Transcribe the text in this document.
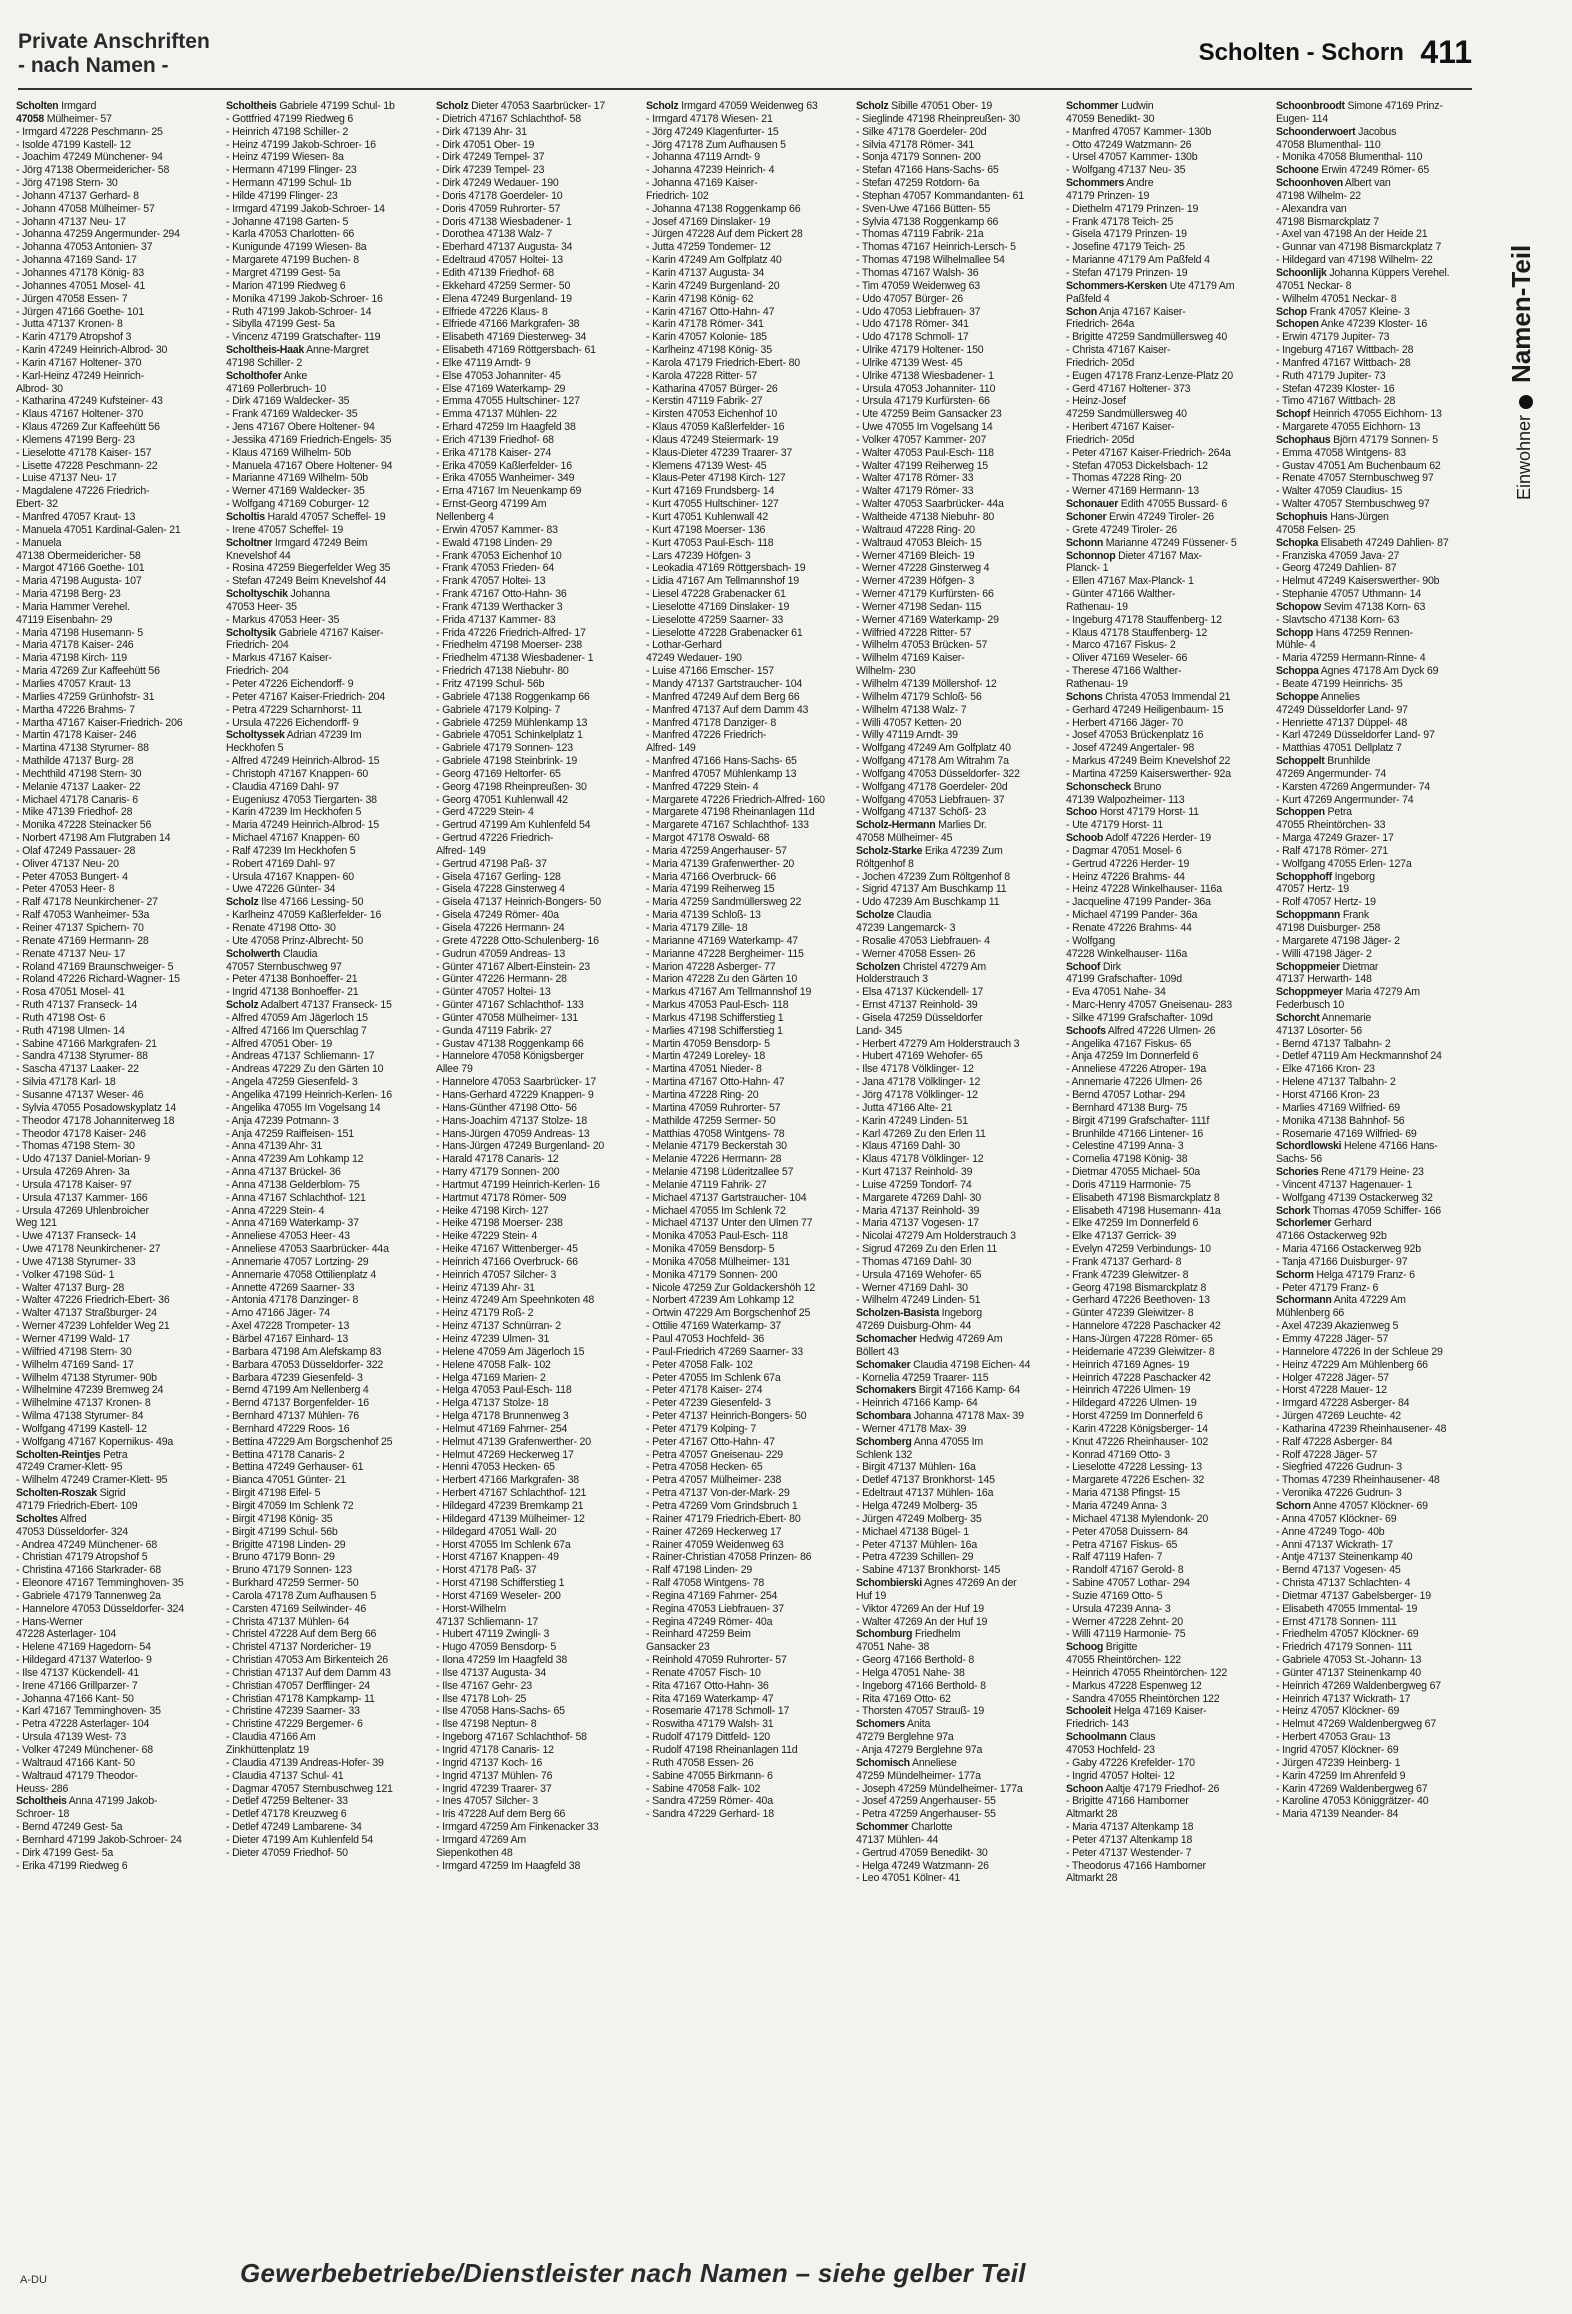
Private Anschriften
- nach Namen -	Scholten - Schorn 411
Scholten Irmgard
47058 Mülheimer- 57
- Irmgard 47228 Peschmann- 25
- Isolde 47199 Kastell- 12
- Joachim 47249 Münchener- 94
- Jörg 47138 Obermeidericher- 58
- Jörg 47198 Stern- 30
- Johann 47137 Gerhard- 8
- Johann 47058 Mülheimer- 57
- Johann 47137 Neu- 17
- Johanna 47259 Angermunder- 294
- Johanna 47053 Antonien- 37
- Johanna 47169 Sand- 17
- Johannes 47178 König- 83
- Johannes 47051 Mosel- 41
- Jürgen 47058 Essen- 7
- Jürgen 47166 Goethe- 101
- Jutta 47137 Kronen- 8
- Karin 47179 Atropshof 3
- Karin 47249 Heinrich-Albrod- 30
- Karin 47167 Holtener- 370
- Karl-Heinz 47249 Heinrich-
Albrod- 30
- Katharina 47249 Kufsteiner- 43
- Klaus 47167 Holtener- 370
- Klaus 47269 Zur Kaffeehütt 56
- Klemens 47199 Berg- 23
- Lieselotte 47178 Kaiser- 157
- Lisette 47228 Peschmann- 22
- Luise 47137 Neu- 17
- Magdalene 47226 Friedrich-
Ebert- 32
- Manfred 47057 Kraut- 13
- Manuela 47051 Kardinal-Galen- 21
- Manuela
47138 Obermeidericher- 58
- Margot 47166 Goethe- 101
- Maria 47198 Augusta- 107
- Maria 47198 Berg- 23
- Maria Hammer Verehel.
47119 Eisenbahn- 29
- Maria 47198 Husemann- 5
- Maria 47178 Kaiser- 246
- Maria 47198 Kirch- 119
- Maria 47269 Zur Kaffeehütt 56
- Marlies 47057 Kraut- 13
- Marlies 47259 Grünhofstr- 31
- Martha 47226 Brahms- 7
- Martha 47167 Kaiser-Friedrich- 206
- Martin 47178 Kaiser- 246
- Martina 47138 Styrumer- 88
- Mathilde 47137 Burg- 28
- Mechthild 47198 Stern- 30
- Melanie 47137 Laaker- 22
- Michael 47178 Canaris- 6
- Mike 47139 Friedhof- 28
- Monika 47228 Steinacker 56
- Norbert 47198 Am Flutgraben 14
- Olaf 47249 Passauer- 28
- Oliver 47137 Neu- 20
- Peter 47053 Bungert- 4
- Peter 47053 Heer- 8
- Ralf 47178 Neunkirchener- 27
- Ralf 47053 Wanheimer- 53a
- Reiner 47137 Spichern- 70
- Renate 47169 Hermann- 28
- Renate 47137 Neu- 17
- Roland 47169 Braunschweiger- 5
- Roland 47226 Richard-Wagner- 15
- Rosa 47051 Mosel- 41
- Ruth 47137 Franseck- 14
- Ruth 47198 Ost- 6
- Ruth 47198 Ulmen- 14
- Sabine 47166 Markgrafen- 21
- Sandra 47138 Styrumer- 88
- Sascha 47137 Laaker- 22
- Silvia 47178 Karl- 18
- Susanne 47137 Weser- 46
- Sylvia 47055 Posadowskyplatz 14
- Theodor 47178 Johanniterweg 18
- Theodor 47178 Kaiser- 246
- Thomas 47198 Stern- 30
- Udo 47137 Daniel-Morian- 9
- Ursula 47269 Ahren- 3a
- Ursula 47178 Kaiser- 97
- Ursula 47137 Kammer- 166
- Ursula 47269 Uhlenbroicher
Weg 121
- Uwe 47137 Franseck- 14
- Uwe 47178 Neunkirchener- 27
- Uwe 47138 Styrumer- 33
- Volker 47198 Süd- 1
- Walter 47137 Burg- 28
- Walter 47226 Friedrich-Ebert- 36
- Walter 47137 Straßburger- 24
- Werner 47239 Lohfelder Weg 21
- Werner 47199 Wald- 17
- Wilfried 47198 Stern- 30
- Wilhelm 47169 Sand- 17
- Wilhelm 47138 Styrumer- 90b
- Wilhelmine 47239 Bremweg 24
- Wilhelmine 47137 Kronen- 8
- Wilma 47138 Styrumer- 84
- Wolfgang 47199 Kastell- 12
- Wolfgang 47167 Kopernikus- 49a
Scholten-Reintjes Petra
47249 Cramer-Klett- 95
- Wilhelm 47249 Cramer-Klett- 95
Scholten-Roszak Sigrid
47179 Friedrich-Ebert- 109
Scholtes Alfred
47053 Düsseldorfer- 324
- Andrea 47249 Münchener- 68
- Christian 47179 Atropshof 5
- Christina 47166 Starkrader- 68
- Eleonore 47167 Temminghoven- 35
- Gabriele 47179 Tannenweg 2a
- Hannelore 47053 Düsseldorfer- 324
- Hans-Werner
47228 Asterlager- 104
- Helene 47169 Hagedorn- 54
- Hildegard 47137 Waterloo- 9
- Ilse 47137 Kückendell- 41
- Irene 47166 Grillparzer- 7
- Johanna 47166 Kant- 50
- Karl 47167 Temminghoven- 35
- Petra 47228 Asterlager- 104
- Ursula 47139 West- 73
- Volker 47249 Münchener- 68
- Waltraud 47166 Kant- 50
- Waltraud 47179 Theodor-
Heuss- 286
Scholtheis Anna 47199 Jakob-
Schroer- 18
- Bernd 47249 Gest- 5a
- Bernhard 47199 Jakob-Schroer- 24
- Dirk 47199 Gest- 5a
- Erika 47199 Riedweg 6
Scholtheis Gabriele 47199 Schul- 1b
- Gottfried 47199 Riedweg 6
- Heinrich 47198 Schiller- 2
- Heinz 47199 Jakob-Schroer- 16
- Heinz 47199 Wiesen- 8a
- Hermann 47199 Flinger- 23
- Hermann 47199 Schul- 1b
- Hilde 47199 Flinger- 23
- Irmgard 47199 Jakob-Schroer- 14
- Johanne 47198 Garten- 5
- Karla 47053 Charlotten- 66
- Kunigunde 47199 Wiesen- 8a
- Margarete 47199 Buchen- 8
- Margret 47199 Gest- 5a
- Marion 47199 Riedweg 6
- Monika 47199 Jakob-Schroer- 16
- Ruth 47199 Jakob-Schroer- 14
- Sibylla 47199 Gest- 5a
- Vincenz 47199 Gratschafter- 119
Scholtheis-Haak Anne-Margret
47198 Schiller- 2
Scholthofer Anke
47169 Pollerbruch- 10
- Dirk 47169 Waldecker- 35
- Frank 47169 Waldecker- 35
- Jens 47167 Obere Holtener- 94
- Jessika 47169 Friedrich-Engels- 35
- Klaus 47169 Wilhelm- 50b
- Manuela 47167 Obere Holtener- 94
- Marianne 47169 Wilhelm- 50b
- Werner 47169 Waldecker- 35
- Wolfgang 47169 Coburger- 12
Scholtis Harald 47057 Scheffel- 19
- Irene 47057 Scheffel- 19
Scholtner Irmgard 47249 Beim
Knevelshof 44
- Rosina 47259 Biegerfelder Weg 35
- Stefan 47249 Beim Knevelshof 44
Scholtyschik Johanna
47053 Heer- 35
- Markus 47053 Heer- 35
Scholtysik Gabriele 47167 Kaiser-
Friedrich- 204
- Markus 47167 Kaiser-
Friedrich- 204
- Peter 47226 Eichendorff- 9
- Peter 47167 Kaiser-Friedrich- 204
- Petra 47229 Scharnhorst- 11
- Ursula 47226 Eichendorff- 9
Scholtyssek Adrian 47239 Im
Heckhofen 5
- Alfred 47249 Heinrich-Albrod- 15
- Christoph 47167 Knappen- 60
- Claudia 47169 Dahl- 97
- Eugeniusz 47053 Tiergarten- 38
- Karin 47239 Im Heckhofen 5
- Maria 47249 Heinrich-Albrod- 15
- Michael 47167 Knappen- 60
- Ralf 47239 Im Heckhofen 5
- Robert 47169 Dahl- 97
- Ursula 47167 Knappen- 60
- Uwe 47226 Günter- 34
Scholz Ilse 47166 Lessing- 50
- Karlheinz 47059 Kaßlerfelder- 16
- Renate 47198 Otto- 30
- Ute 47058 Prinz-Albrecht- 50
Scholwerth Claudia
47057 Sternbuschweg 97
- Peter 47138 Bonhoeffer- 21
- Ingrid 47138 Bonhoeffer- 21
Scholz Adalbert 47137 Franseck- 15
- Alfred 47059 Am Jägerloch 15
- Alfred 47166 Im Querschlag 7
- Alfred 47051 Ober- 19
- Andreas 47137 Schliemann- 17
- Andreas 47229 Zu den Gärten 10
- Angela 47259 Giesenfeld- 3
- Angelika 47199 Heinrich-Kerlen- 16
- Angelika 47055 Im Vogelsang 14
- Anja 47239 Potmann- 3
- Anja 47259 Raiffeisen- 151
- Anna 47139 Ahr- 31
- Anna 47239 Am Lohkamp 12
- Anna 47137 Brückel- 36
- Anna 47138 Gelderblom- 75
- Anna 47167 Schlachthof- 121
- Anna 47229 Stein- 4
- Anna 47169 Waterkamp- 37
- Anneliese 47053 Heer- 43
- Anneliese 47053 Saarbrücker- 44a
- Annemarie 47057 Lortzing- 29
- Annemarie 47058 Ottilienplatz 4
- Annette 47269 Saarner- 33
- Antonia 47178 Danzinger- 8
- Arno 47166 Jäger- 74
- Axel 47228 Trompeter- 13
- Bärbel 47167 Einhard- 13
- Barbara 47198 Am Alefskamp 83
- Barbara 47053 Düsseldorfer- 322
- Barbara 47239 Giesenfeld- 3
- Bernd 47199 Am Nellenberg 4
- Bernd 47137 Borgenfelder- 16
- Bernhard 47137 Mühlen- 76
- Bernhard 47229 Roos- 16
- Bettina 47229 Am Borgschenhof 25
- Bettina 47178 Canaris- 2
- Bettina 47249 Gerhauser- 61
- Bianca 47051 Günter- 21
- Birgit 47198 Eifel- 5
- Birgit 47059 Im Schlenk 72
- Birgit 47198 König- 35
- Birgit 47199 Schul- 56b
- Brigitte 47198 Linden- 29
- Bruno 47179 Bonn- 29
- Bruno 47179 Sonnen- 123
- Burkhard 47259 Sermer- 50
- Carola 47178 Zum Aufhausen 5
- Carsten 47169 Seilwinder- 46
- Christa 47137 Mühlen- 64
- Christel 47228 Auf dem Berg 66
- Christel 47137 Nordericher- 19
- Christian 47053 Am Birkenteich 26
- Christian 47137 Auf dem Damm 43
- Christian 47057 Derfflinger- 24
- Christian 47178 Kampkamp- 11
- Christine 47239 Saarner- 33
- Christine 47229 Bergemer- 6
- Claudia 47166 Am
Zinkhüttenplatz 19
- Claudia 47139 Andreas-Hofer- 39
- Claudia 47137 Schul- 41
- Dagmar 47057 Sternbuschweg 121
- Detlef 47259 Beltener- 33
- Detlef 47178 Kreuzweg 6
- Detlef 47249 Lambarene- 34
- Dieter 47199 Am Kuhlenfeld 54
- Dieter 47059 Friedhof- 50
Scholz Dieter 47053 Saarbrücker- 17
- Dietrich 47167 Schlachthof- 58
- Dirk 47139 Ahr- 31
- Dirk 47051 Ober- 19
- Dirk 47249 Tempel- 37
- Dirk 47239 Tempel- 23
- Dirk 47249 Wedauer- 190
- Doris 47178 Goerdeler- 10
- Doris 47059 Ruhrorter- 57
- Doris 47138 Wiesbadener- 1
- Dorothea 47138 Walz- 7
- Eberhard 47137 Augusta- 34
- Edeltraud 47057 Holtei- 13
- Edith 47139 Friedhof- 68
- Ekkehard 47259 Sermer- 50
- Elena 47249 Burgenland- 19
- Elfriede 47226 Klaus- 8
- Elfriede 47166 Markgrafen- 38
- Elisabeth 47169 Diesterweg- 34
- Elisabeth 47169 Röttgersbach- 61
- Elke 47119 Arndt- 9
- Else 47053 Johanniter- 45
- Else 47169 Waterkamp- 29
- Emma 47055 Hultschiner- 127
- Emma 47137 Mühlen- 22
- Erhard 47259 Im Haagfeld 38
- Erich 47139 Friedhof- 68
- Erika 47178 Kaiser- 274
- Erika 47059 Kaßlerfelder- 16
- Erika 47055 Wanheimer- 349
- Erna 47167 Im Neuenkamp 69
- Ernst-Georg 47199 Am
Nellenberg 4
- Erwin 47057 Kammer- 83
- Ewald 47198 Linden- 29
- Frank 47053 Eichenhof 10
- Frank 47053 Frieden- 64
- Frank 47057 Holtei- 13
- Frank 47167 Otto-Hahn- 36
- Frank 47139 Werthacker 3
- Frida 47137 Kammer- 83
- Frida 47226 Friedrich-Alfred- 17
- Friedhelm 47198 Moerser- 238
- Friedhelm 47138 Wiesbadener- 1
- Friedrich 47138 Niebuhr- 80
- Fritz 47199 Schul- 56b
- Gabriele 47138 Roggenkamp 66
- Gabriele 47179 Kolping- 7
- Gabriele 47259 Mühlenkamp 13
- Gabriele 47051 Schinkelplatz 1
- Gabriele 47179 Sonnen- 123
- Gabriele 47198 Steinbrink- 19
- Georg 47169 Heltorfer- 65
- Georg 47198 Rheinpreußen- 30
- Georg 47051 Kuhlenwall 42
- Gerd 47229 Stein- 4
- Gertrud 47199 Am Kuhlenfeld 54
- Gertrud 47226 Friedrich-
Alfred- 149
- Gertrud 47198 Paß- 37
- Gisela 47167 Gerling- 128
- Gisela 47228 Ginsterweg 4
- Gisela 47137 Heinrich-Bongers- 50
- Gisela 47249 Römer- 40a
- Gisela 47226 Hermann- 24
- Grete 47228 Otto-Schulenberg- 16
- Gudrun 47059 Andreas- 13
- Günter 47167 Albert-Einstein- 23
- Günter 47226 Hermann- 28
- Günter 47057 Holtei- 13
- Günter 47167 Schlachthof- 133
- Günter 47058 Mülheimer- 131
- Gunda 47119 Fabrik- 27
- Gustav 47138 Roggenkamp 66
- Hannelore 47058 Königsberger
Allee 79
- Hannelore 47053 Saarbrücker- 17
- Hans-Gerhard 47229 Knappen- 9
- Hans-Günther 47198 Otto- 56
- Hans-Joachim 47137 Stolze- 18
- Hans-Jürgen 47059 Andreas- 13
- Hans-Jürgen 47249 Burgenland- 20
- Harald 47178 Canaris- 12
- Harry 47179 Sonnen- 200
- Hartmut 47199 Heinrich-Kerlen- 16
- Hartmut 47178 Römer- 509
- Heike 47198 Kirch- 127
- Heike 47198 Moerser- 238
- Heike 47229 Stein- 4
- Heike 47167 Wittenberger- 45
- Heinrich 47166 Overbruck- 66
- Heinrich 47057 Silcher- 3
- Heinz 47139 Ahr- 31
- Heinz 47249 Am Speehnkoten 48
- Heinz 47179 Roß- 2
- Heinz 47137 Schnürran- 2
- Heinz 47239 Ulmen- 31
- Helene 47059 Am Jägerloch 15
- Helene 47058 Falk- 102
- Helga 47169 Marien- 2
- Helga 47053 Paul-Esch- 118
- Helga 47137 Stolze- 18
- Helga 47178 Brunnenweg 3
- Helmut 47169 Fahrner- 254
- Helmut 47139 Grafenwerther- 20
- Helmut 47269 Heckerweg 17
- Henni 47053 Hecken- 65
- Herbert 47166 Markgrafen- 38
- Herbert 47167 Schlachthof- 121
- Hildegard 47239 Bremkamp 21
- Hildegard 47139 Mülheimer- 12
- Hildegard 47051 Wall- 20
- Horst 47055 Im Schlenk 67a
- Horst 47167 Knappen- 49
- Horst 47178 Paß- 37
- Horst 47198 Schifferstieg 1
- Horst 47169 Weseler- 200
- Horst-Wilhelm
47137 Schliemann- 17
- Hubert 47119 Zwingli- 3
- Hugo 47059 Bensdorp- 5
- Ilona 47259 Im Haagfeld 38
- Ilse 47137 Augusta- 34
- Ilse 47167 Gehr- 23
- Ilse 47178 Loh- 25
- Ilse 47058 Hans-Sachs- 65
- Ilse 47198 Neptun- 8
- Ingeborg 47167 Schlachthof- 58
- Ingrid 47178 Canaris- 12
- Ingrid 47137 Koch- 16
- Ingrid 47137 Mühlen- 76
- Ingrid 47239 Traarer- 37
- Ines 47057 Silcher- 3
- Iris 47228 Auf dem Berg 66
- Irmgard 47259 Am Finkenacker 33
- Irmgard 47269 Am
Siepenkothen 48
- Irmgard 47259 Im Haagfeld 38
Scholz Irmgard 47059 Weidenweg 63
- Irmgard 47178 Wiesen- 21
- Jörg 47249 Klagenfurter- 15
- Jörg 47178 Zum Aufhausen 5
- Johanna 47119 Arndt- 9
- Johanna 47239 Heinrich- 4
- Johanna 47169 Kaiser-
Friedrich- 102
- Johanna 47138 Roggenkamp 66
- Josef 47169 Dinslaker- 19
- Jürgen 47228 Auf dem Pickert 28
- Jutta 47259 Tondemer- 12
- Karin 47249 Am Golfplatz 40
- Karin 47137 Augusta- 34
- Karin 47249 Burgenland- 20
- Karin 47198 König- 62
- Karin 47167 Otto-Hahn- 47
- Karin 47178 Römer- 341
- Karin 47057 Kolonie- 185
- Karlheinz 47198 König- 35
- Karola 47179 Friedrich-Ebert- 80
- Karola 47228 Ritter- 57
- Katharina 47057 Bürger- 26
- Kerstin 47119 Fabrik- 27
- Kirsten 47053 Eichenhof 10
- Klaus 47059 Kaßlerfelder- 16
- Klaus 47249 Steiermark- 19
- Klaus-Dieter 47239 Traarer- 37
- Klemens 47139 West- 45
- Klaus-Peter 47198 Kirch- 127
- Kurt 47169 Frundsberg- 14
- Kurt 47055 Hultschiner- 127
- Kurt 47051 Kuhlenwall 42
- Kurt 47198 Moerser- 136
- Kurt 47053 Paul-Esch- 118
- Lars 47239 Höfgen- 3
- Leokadia 47169 Röttgersbach- 19
- Lidia 47167 Am Tellmannshof 19
- Liesel 47228 Grabenacker 61
- Lieselotte 47169 Dinslaker- 19
- Lieselotte 47259 Saarner- 33
- Lieselotte 47228 Grabenacker 61
- Lothar-Gerhard
47249 Wedauer- 190
- Luise 47166 Emscher- 157
- Mandy 47137 Gartstraucher- 104
- Manfred 47249 Auf dem Berg 66
- Manfred 47137 Auf dem Damm 43
- Manfred 47178 Danziger- 8
- Manfred 47226 Friedrich-
Alfred- 149
- Manfred 47166 Hans-Sachs- 65
- Manfred 47057 Mühlenkamp 13
- Manfred 47229 Stein- 4
- Margarete 47226 Friedrich-Alfred- 160
- Margarete 47198 Rheinanlagen 11d
- Margarete 47167 Schlachthof- 133
- Margot 47178 Oswald- 68
- Maria 47259 Angerhauser- 57
- Maria 47139 Grafenwerther- 20
- Maria 47166 Overbruck- 66
- Maria 47199 Reiherweg 15
- Maria 47259 Sandmüllersweg 22
- Maria 47139 Schloß- 13
- Maria 47179 Zille- 18
- Marianne 47169 Waterkamp- 47
- Marianne 47228 Bergheimer- 115
- Marion 47228 Asberger- 77
- Marion 47228 Zu den Gärten 10
- Markus 47167 Am Tellmannshof 19
- Markus 47053 Paul-Esch- 118
- Markus 47198 Schifferstieg 1
- Marlies 47198 Schifferstieg 1
- Martin 47059 Bensdorp- 5
- Martin 47249 Loreley- 18
- Martina 47051 Nieder- 8
- Martina 47167 Otto-Hahn- 47
- Martina 47228 Ring- 20
- Martina 47059 Ruhrorter- 57
- Mathilde 47259 Sermer- 50
- Matthias 47058 Wintgens- 78
- Melanie 47179 Beckerstah 30
- Melanie 47226 Hermann- 28
- Melanie 47198 Lüderitzallee 57
- Melanie 47119 Fahrik- 27
- Michael 47137 Gartstraucher- 104
- Michael 47055 Im Schlenk 72
- Michael 47137 Unter den Ulmen 77
- Monika 47053 Paul-Esch- 118
- Monika 47059 Bensdorp- 5
- Monika 47058 Mülheimer- 131
- Monika 47179 Sonnen- 200
- Nicole 47259 Zur Goldackershöh 12
- Norbert 47239 Am Lohkamp 12
- Ortwin 47229 Am Borgschenhof 25
- Ottilie 47169 Waterkamp- 37
- Paul 47053 Hochfeld- 36
- Paul-Friedrich 47269 Saarner- 33
- Peter 47058 Falk- 102
- Peter 47055 Im Schlenk 67a
- Peter 47178 Kaiser- 274
- Peter 47239 Giesenfeld- 3
- Peter 47137 Heinrich-Bongers- 50
- Peter 47179 Kolping- 7
- Peter 47167 Otto-Hahn- 47
- Petra 47057 Gneisenau- 229
- Petra 47058 Hecken- 65
- Petra 47057 Mülheimer- 238
- Petra 47137 Von-der-Mark- 29
- Petra 47269 Vom Grindsbruch 1
- Rainer 47179 Friedrich-Ebert- 80
- Rainer 47269 Heckerweg 17
- Rainer 47059 Weidenweg 63
- Rainer-Christian 47058 Prinzen- 86
- Ralf 47198 Linden- 29
- Ralf 47058 Wintgens- 78
- Regina 47169 Fahrner- 254
- Regina 47053 Liebfrauen- 37
- Regina 47249 Römer- 40a
- Reinhard 47259 Beim
Gansacker 23
- Reinhold 47059 Ruhrorter- 57
- Renate 47057 Fisch- 10
- Rita 47167 Otto-Hahn- 36
- Rita 47169 Waterkamp- 47
- Rosemarie 47178 Schmoll- 17
- Roswitha 47179 Walsh- 31
- Rudolf 47179 Dittfeld- 120
- Rudolf 47198 Rheinanlagen 11d
- Ruth 47058 Essen- 26
- Sabine 47055 Birkmann- 6
- Sabine 47058 Falk- 102
- Sandra 47259 Römer- 40a
- Sandra 47229 Gerhard- 18
Scholz Sibille 47051 Ober- 19
- Sieglinde 47198 Rheinpreußen- 30
- Silke 47178 Goerdeler- 20d
- Silvia 47178 Römer- 341
- Sonja 47179 Sonnen- 200
- Stefan 47166 Hans-Sachs- 65
- Stefan 47259 Rotdorn- 6a
- Stephan 47057 Kommandanten- 61
- Sven-Uwe 47166 Bütten- 55
- Sylvia 47138 Roggenkamp 66
- Thomas 47119 Fabrik- 21a
- Thomas 47167 Heinrich-Lersch- 5
- Thomas 47198 Wilhelmallee 54
- Thomas 47167 Walsh- 36
- Tim 47059 Weidenweg 63
- Udo 47057 Bürger- 26
- Udo 47053 Liebfrauen- 37
- Udo 47178 Römer- 341
- Udo 47178 Schmoll- 17
- Ulrike 47179 Holtener- 150
- Ulrike 47139 West- 45
- Ulrike 47138 Wiesbadener- 1
- Ursula 47053 Johanniter- 110
- Ursula 47179 Kurfürsten- 66
- Ute 47259 Beim Gansacker 23
- Uwe 47055 Im Vogelsang 14
- Volker 47057 Kammer- 207
- Walter 47053 Paul-Esch- 118
- Walter 47199 Reiherweg 15
- Walter 47178 Römer- 33
- Walter 47179 Römer- 33
- Walter 47053 Saarbrücker- 44a
- Waltheide 47138 Niebuhr- 80
- Waltraud 47228 Ring- 20
- Waltraud 47053 Bleich- 15
- Werner 47169 Bleich- 19
- Werner 47228 Ginsterweg 4
- Werner 47239 Höfgen- 3
- Werner 47179 Kurfürsten- 66
- Werner 47198 Sedan- 115
- Werner 47169 Waterkamp- 29
- Wilfried 47228 Ritter- 57
- Wilhelm 47053 Brücken- 57
- Wilhelm 47169 Kaiser-
Wilhelm- 230
- Wilhelm 47139 Möllershof- 12
- Wilhelm 47179 Schloß- 56
- Wilhelm 47138 Walz- 7
- Willi 47057 Ketten- 20
- Willy 47119 Arndt- 39
- Wolfgang 47249 Am Golfplatz 40
- Wolfgang 47178 Am Witrahm 7a
- Wolfgang 47053 Düsseldorfer- 322
- Wolfgang 47178 Goerdeler- 20d
- Wolfgang 47053 Liebfrauen- 37
- Wolfgang 47137 Schöß- 23
Scholz-Hermann Marlies Dr.
47058 Mülheimer- 45
Scholz-Starke Erika 47239 Zum
Röltgenhof 8
- Jochen 47239 Zum Röltgenhof 8
- Sigrid 47137 Am Buschkamp 11
- Udo 47239 Am Buschkamp 11
Scholze Claudia
47239 Langemarck- 3
- Rosalie 47053 Liebfrauen- 4
- Werner 47058 Essen- 26
Scholzen Christel 47279 Am
Holderstrauch 3
- Elsa 47137 Kückendell- 17
- Ernst 47137 Reinhold- 39
- Gisela 47259 Düsseldorfer
Land- 345
- Herbert 47279 Am Holderstrauch 3
- Hubert 47169 Wehofer- 65
- Ilse 47178 Völklinger- 12
- Jana 47178 Völklinger- 12
- Jörg 47178 Völklinger- 12
- Jutta 47166 Alte- 21
- Karin 47249 Linden- 51
- Karl 47269 Zu den Erlen 11
- Klaus 47169 Dahl- 30
- Klaus 47178 Völklinger- 12
- Kurt 47137 Reinhold- 39
- Luise 47259 Tondorf- 74
- Margarete 47269 Dahl- 30
- Maria 47137 Reinhold- 39
- Maria 47137 Vogesen- 17
- Nicolai 47279 Am Holderstrauch 3
- Sigrud 47269 Zu den Erlen 11
- Thomas 47169 Dahl- 30
- Ursula 47169 Wehofer- 65
- Werner 47169 Dahl- 30
- Wilhelm 47249 Linden- 51
Scholzen-Basista Ingeborg
47269 Duisburg-Ohm- 44
Schomacher Hedwig 47269 Am
Böllert 43
Schomaker Claudia 47198 Eichen- 44
- Kornelia 47259 Traarer- 115
Schomakers Birgit 47166 Kamp- 64
- Heinrich 47166 Kamp- 64
Schombara Johanna 47178 Max- 39
- Werner 47178 Max- 39
Schomberg Anna 47055 Im
Schlenk 132
- Birgit 47137 Mühlen- 16a
- Detlef 47137 Bronkhorst- 145
- Edeltraut 47137 Mühlen- 16a
- Helga 47249 Molberg- 35
- Jürgen 47249 Molberg- 35
- Michael 47138 Bügel- 1
- Peter 47137 Mühlen- 16a
- Petra 47239 Schillen- 29
- Sabine 47137 Bronkhorst- 145
Schombierski Agnes 47269 An der
Huf 19
- Viktor 47269 An der Huf 19
- Walter 47269 An der Huf 19
Schomburg Friedhelm
47051 Nahe- 38
- Georg 47166 Berthold- 8
- Helga 47051 Nahe- 38
- Ingeborg 47166 Berthold- 8
- Rita 47169 Otto- 62
- Thorsten 47057 Strauß- 19
Schomers Anita
47279 Berglehne 97a
- Anja 47279 Berglehne 97a
Schomisch Anneliese
47259 Mündelheimer- 177a
- Joseph 47259 Mündelheimer- 177a
- Josef 47259 Angerhauser- 55
- Petra 47259 Angerhauser- 55
Schommer Charlotte
47137 Mühlen- 44
- Gertrud 47059 Benedikt- 30
- Helga 47249 Watzmann- 26
- Leo 47051 Kölner- 41
Schommer Ludwin
47059 Benedikt- 30
- Manfred 47057 Kammer- 130b
- Otto 47249 Watzmann- 26
- Ursel 47057 Kammer- 130b
- Wolfgang 47137 Neu- 35
Schommers Andre
47179 Prinzen- 19
- Diethelm 47179 Prinzen- 19
- Frank 47178 Teich- 25
- Gisela 47179 Prinzen- 19
- Josefine 47179 Teich- 25
- Marianne 47179 Am Paßfeld 4
- Stefan 47179 Prinzen- 19
Schommers-Kersken Ute 47179 Am
Paßfeld 4
Schon Anja 47167 Kaiser-
Friedrich- 264a
- Brigitte 47259 Sandmüllersweg 40
- Christa 47167 Kaiser-
Friedrich- 205d
- Eugen 47178 Franz-Lenze-Platz 20
- Gerd 47167 Holtener- 373
- Heinz-Josef
47259 Sandmüllersweg 40
- Heribert 47167 Kaiser-
Friedrich- 205d
- Peter 47167 Kaiser-Friedrich- 264a
- Stefan 47053 Dickelsbach- 12
- Thomas 47228 Ring- 20
- Werner 47169 Hermann- 13
Schonauer Edith 47055 Bussard- 6
Schoner Erwin 47249 Tiroler- 26
- Grete 47249 Tiroler- 26
Schonn Marianne 47249 Füssener- 5
Schonnop Dieter 47167 Max-
Planck- 1
- Ellen 47167 Max-Planck- 1
- Günter 47166 Walther-
Rathenau- 19
- Ingeburg 47178 Stauffenberg- 12
- Klaus 47178 Stauffenberg- 12
- Marco 47167 Fiskus- 2
- Oliver 47169 Weseler- 66
- Therese 47166 Walther-
Rathenau- 19
Schons Christa 47053 Immendal 21
- Gerhard 47249 Heiligenbaum- 15
- Herbert 47166 Jäger- 70
- Josef 47053 Brückenplatz 16
- Josef 47249 Angertaler- 98
- Markus 47249 Beim Knevelshof 22
- Martina 47259 Kaiserswerther- 92a
Schonscheck Bruno
47139 Walpozheimer- 113
Schoo Horst 47179 Horst- 11
- Ute 47179 Horst- 11
Schoob Adolf 47226 Herder- 19
- Dagmar 47051 Mosel- 6
- Gertrud 47226 Herder- 19
- Heinz 47226 Brahms- 44
- Heinz 47228 Winkelhauser- 116a
- Jacqueline 47199 Pander- 36a
- Michael 47199 Pander- 36a
- Renate 47226 Brahms- 44
- Wolfgang
47228 Winkelhauser- 116a
Schoof Dirk
47199 Grafschafter- 109d
- Eva 47051 Nahe- 34
- Marc-Henry 47057 Gneisenau- 283
- Silke 47199 Grafschafter- 109d
Schoofs Alfred 47226 Ulmen- 26
- Angelika 47167 Fiskus- 65
- Anja 47259 Im Donnerfeld 6
- Anneliese 47226 Atroper- 19a
- Annemarie 47226 Ulmen- 26
- Bernd 47057 Lothar- 294
- Bernhard 47138 Burg- 75
- Birgit 47199 Grafschafter- 111f
- Brunhilde 47166 Lintener- 16
- Celestine 47199 Anna- 3
- Cornelia 47198 König- 38
- Dietmar 47055 Michael- 50a
- Doris 47119 Harmonie- 75
- Elisabeth 47198 Bismarckplatz 8
- Elisabeth 47198 Husemann- 41a
- Elke 47259 Im Donnerfeld 6
- Elke 47137 Gerrick- 39
- Evelyn 47259 Verbindungs- 10
- Frank 47137 Gerhard- 8
- Frank 47239 Gleiwitzer- 8
- Georg 47198 Bismarckplatz 8
- Gerhard 47226 Beethoven- 13
- Günter 47239 Gleiwitzer- 8
- Hannelore 47228 Paschacker 42
- Hans-Jürgen 47228 Römer- 65
- Heidemarie 47239 Gleiwitzer- 8
- Heinrich 47169 Agnes- 19
- Heinrich 47228 Paschacker 42
- Heinrich 47226 Ulmen- 19
- Hildegard 47226 Ulmen- 19
- Horst 47259 Im Donnerfeld 6
- Karin 47228 Königsberger- 14
- Knut 47226 Rheinhauser- 102
- Konrad 47169 Otto- 3
- Lieselotte 47228 Lessing- 13
- Margarete 47226 Eschen- 32
- Maria 47138 Pfingst- 15
- Maria 47249 Anna- 3
- Michael 47138 Mylendonk- 20
- Peter 47058 Duissern- 84
- Petra 47167 Fiskus- 65
- Ralf 47119 Hafen- 7
- Randolf 47167 Gerold- 8
- Sabine 47057 Lothar- 294
- Suzie 47169 Otto- 5
- Ursula 47239 Anna- 3
- Werner 47228 Zehnt- 20
- Willi 47119 Harmonie- 75
Schoog Brigitte
47055 Rheintörchen- 122
- Heinrich 47055 Rheintörchen- 122
- Markus 47228 Espenweg 12
- Sandra 47055 Rheintörchen 122
Schooleit Helga 47169 Kaiser-
Friedrich- 143
Schoolmann Claus
47053 Hochfeld- 23
- Gaby 47226 Krefelder- 170
- Ingrid 47057 Holtei- 12
Schoon Aaltje 47179 Friedhof- 26
- Brigitte 47166 Hamborner
Altmarkt 28
- Maria 47137 Altenkamp 18
- Peter 47137 Altenkamp 18
- Peter 47137 Westender- 7
- Theodorus 47166 Hamborner
Altmarkt 28
Schoonbroodt Simone 47169 Prinz-
Eugen- 114
Schoonderwoert Jacobus
47058 Blumenthal- 110
- Monika 47058 Blumenthal- 110
Schoone Erwin 47249 Römer- 65
Schoonhoven Albert van
47198 Wilhelm- 22
- Alexandra van
47198 Bismarckplatz 7
- Axel van 47198 An der Heide 21
- Gunnar van 47198 Bismarckplatz 7
- Hildegard van 47198 Wilhelm- 22
Schoonlijk Johanna Küppers Verehel.
47051 Neckar- 8
- Wilhelm 47051 Neckar- 8
Schop Frank 47057 Kleine- 3
Schopen Anke 47239 Kloster- 16
- Erwin 47179 Jupiter- 73
- Ingeburg 47167 Wittbach- 28
- Manfred 47167 Wittbach- 28
- Ruth 47179 Jupiter- 73
- Stefan 47239 Kloster- 16
- Timo 47167 Wittbach- 28
Schopf Heinrich 47055 Eichhorn- 13
- Margarete 47055 Eichhorn- 13
Schophaus Björn 47179 Sonnen- 5
- Emma 47058 Wintgens- 83
- Gustav 47051 Am Buchenbaum 62
- Renate 47057 Sternbuschweg 97
- Walter 47059 Claudius- 15
- Walter 47057 Sternbuschweg 97
Schophuis Hans-Jürgen
47058 Felsen- 25
Schopka Elisabeth 47249 Dahlien- 87
- Franziska 47059 Java- 27
- Georg 47249 Dahlien- 87
- Helmut 47249 Kaiserswerther- 90b
- Stephanie 47057 Uthmann- 14
Schopow Sevim 47138 Korn- 63
- Slavtscho 47138 Korn- 63
Schopp Hans 47259 Rennen-
Mühle- 4
- Maria 47259 Hermann-Rinne- 4
Schoppa Agnes 47178 Am Dyck 69
- Beate 47199 Heinrichs- 35
Schoppe Annelies
47249 Düsseldorfer Land- 97
- Henriette 47137 Düppel- 48
- Karl 47249 Düsseldorfer Land- 97
- Matthias 47051 Dellplatz 7
Schoppelt Brunhilde
47269 Angermunder- 74
- Karsten 47269 Angermunder- 74
- Kurt 47269 Angermunder- 74
Schoppen Petra
47055 Rheintörchen- 33
- Marga 47249 Grazer- 17
- Ralf 47178 Römer- 271
- Wolfgang 47055 Erlen- 127a
Schopphoff Ingeborg
47057 Hertz- 19
- Rolf 47057 Hertz- 19
Schoppmann Frank
47198 Duisburger- 258
- Margarete 47198 Jäger- 2
- Willi 47198 Jäger- 2
Schoppmeier Dietmar
47137 Herwarth- 148
Schoppmeyer Maria 47279 Am
Federbusch 10
Schorcht Annemarie
47137 Lösorter- 56
- Bernd 47137 Talbahn- 2
- Detlef 47119 Am Heckmannshof 24
- Elke 47166 Kron- 23
- Helene 47137 Talbahn- 2
- Horst 47166 Kron- 23
- Marlies 47169 Wilfried- 69
- Monika 47138 Bahnhof- 56
- Rosemarie 47169 Wilfried- 69
Schordlowski Helene 47166 Hans-
Sachs- 56
Schories Rene 47179 Heine- 23
- Vincent 47137 Hagenauer- 1
- Wolfgang 47139 Ostackerweg 32
Schork Thomas 47059 Schiffer- 166
Schorlemer Gerhard
47166 Ostackerweg 92b
- Maria 47166 Ostackerweg 92b
- Tanja 47166 Duisburger- 97
Schorm Helga 47179 Franz- 6
- Peter 47179 Franz- 6
Schormann Anita 47229 Am
Mühlenberg 66
- Axel 47239 Akazienweg 5
- Emmy 47228 Jäger- 57
- Hannelore 47226 In der Schleue 29
- Heinz 47229 Am Mühlenberg 66
- Holger 47228 Jäger- 57
- Horst 47228 Mauer- 12
- Irmgard 47228 Asberger- 84
- Jürgen 47269 Leuchte- 42
- Katharina 47239 Rheinhausener- 48
- Ralf 47228 Asberger- 84
- Rolf 47228 Jäger- 57
- Siegfried 47226 Gudrun- 3
- Thomas 47239 Rheinhausener- 48
- Veronika 47226 Gudrun- 3
Schorn Anne 47057 Klöckner- 69
- Anna 47057 Klöckner- 69
- Anne 47249 Togo- 40b
- Anni 47137 Wickrath- 17
- Antje 47137 Steinenkamp 40
- Bernd 47137 Vogesen- 45
- Christa 47137 Schlachten- 4
- Dietmar 47137 Gabelsberger- 19
- Elisabeth 47055 Immental- 19
- Ernst 47178 Sonnen- 111
- Friedhelm 47057 Klöckner- 69
- Friedrich 47179 Sonnen- 111
- Gabriele 47053 St.-Johann- 13
- Günter 47137 Steinenkamp 40
- Heinrich 47269 Waldenbergweg 67
- Heinrich 47137 Wickrath- 17
- Heinz 47057 Klöckner- 69
- Helmut 47269 Waldenbergweg 67
- Herbert 47053 Grau- 13
- Ingrid 47057 Klöckner- 69
- Jürgen 47239 Heinberg- 1
- Karin 47259 Im Ahrenfeld 9
- Karin 47269 Waldenbergweg 67
- Karoline 47053 Königgrätzer- 40
- Maria 47139 Neander- 84
EinwohnerNamen-Teil
A-DU	Gewerbebetriebe/Dienstleister nach Namen – siehe gelber Teil
